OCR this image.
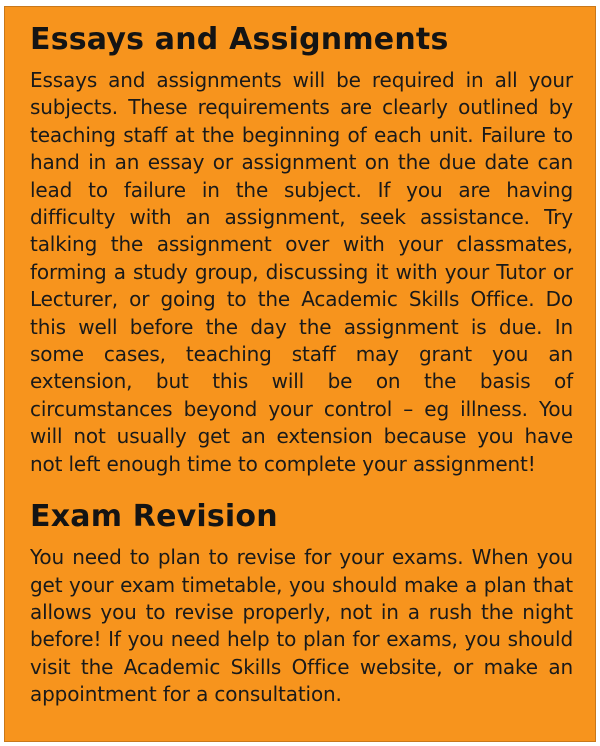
Essays and Assignments

Essays and assignments will be required in all your subjects. These requirements are clearly outlined by teaching staff at the beginning of each unit. Failure to hand in an essay or assignment on the due date can lead to failure in the subject. If you are having difficulty with an assignment, seek assistance. Try talking the assignment over with your classmates, forming a study group, discussing it with your Tutor or Lecturer, or going to the Academic Skills Office. Do this well before the day the assignment is due. In some cases, teaching staff may grant you an extension, but this will be on the basis of circumstances beyond your control – eg illness. You will not usually get an extension because you have not left enough time to complete your assignment!

Exam Revision

You need to plan to revise for your exams. When you get your exam timetable, you should make a plan that allows you to revise properly, not in a rush the night before! If you need help to plan for exams, you should visit the Academic Skills Office website, or make an appointment for a consultation.
